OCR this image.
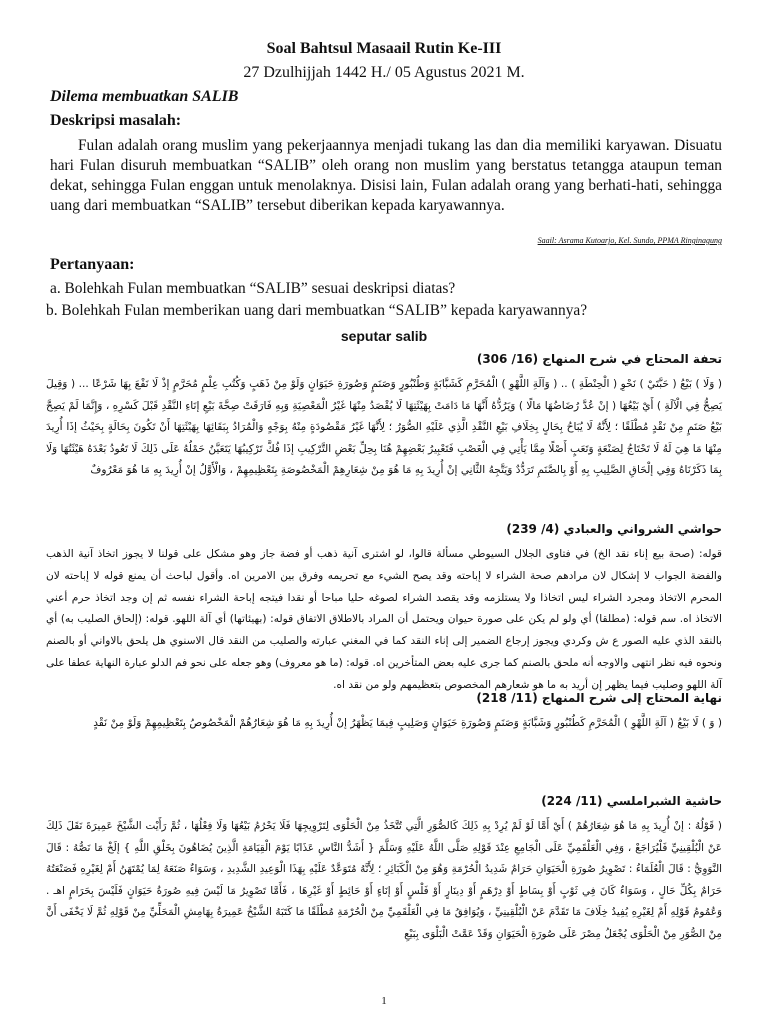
Soal Bahtsul Masaail Rutin Ke-III
27 Dzulhijjah 1442 H./ 05 Agustus 2021 M.
Dilema membuatkan SALIB
Deskripsi masalah:
Fulan adalah orang muslim yang pekerjaannya menjadi tukang las dan dia memiliki karyawan. Disuatu hari Fulan disuruh membuatkan “SALIB” oleh orang non muslim yang berstatus tetangga ataupun teman dekat, sehingga Fulan enggan untuk menolaknya. Disisi lain, Fulan adalah orang yang berhati-hati, sehingga uang dari membuatkan “SALIB” tersebut diberikan kepada karyawannya.
Saail: Asrama Kutoarjo, Kel. Sundo, PPMA Ringinagung
Pertanyaan:
a. Bolehkah Fulan membuatkan “SALIB” sesuai deskripsi diatas?
b. Bolehkah Fulan memberikan uang dari membuatkan “SALIB” kepada karyawannya?
seputar salib
تحفة المحتاج في شرح المنهاج (16/ 306)
( وَلَا ) بَيْعُ ( حَبَّتَيْ ) نَحْوِ ( الْحِنْطَةِ ) .. ( وَآلَةِ اللَّهْوِ ) الْمُحَرَّمِ كَشَبَّابَةٍ وَطُنْبُورٍ وَصَنَمٍ وَصُورَةِ حَيَوَانٍ وَلَوْ مِنْ ذَهَبٍ وَكُتُبِ عِلْمٍ مُحَرَّمٍ إذْ لَا نَفْعَ بِهَا شَرْعًا ... ( وَقِيلَ يَصِحُّ فِي الْآلَةِ ) أَيْ بَيْعُهَا ( إنْ عُدَّ رُضَاضُهَا مَالًا ) وَيَرُدُّهُ أَنَّهَا مَا دَامَتْ بِهَيْئَتِهَا لَا يُقْصَدُ مِنْهَا غَيْرُ الْمَعْصِيَةِ وَبِهِ فَارَقَتْ صِحَّةَ بَيْعِ إنَاءِ النَّقْدِ قَبْلَ كَسْرِهِ ، وَإِنَّمَا لَمْ يَصِحَّ بَيْعُ صَنَمٍ مِنْ نَقْدٍ مُطْلَقًا ؛ لِأَنَّهُ لَا يُبَاحُ بِحَالٍ بِخِلَافِ بَيْعِ النَّقْدِ الَّذِي عَلَيْهِ الصُّوَرُ ؛ لِأَنَّهَا غَيْرُ مَقْصُودَةٍ مِنْهُ بِوَجْهٍ وَالْمُرَادُ بِبَقَائِهَا بِهَيْئَتِهَا أَنْ تَكُونَ بِحَالَةٍ بِحَيْثُ إذَا أُرِيدَ مِنْهَا مَا هِيَ لَهُ لَا تَحْتَاجُ لِصَنْعَةٍ وَتَعَبٍ أَصْلًا مِمَّا يَأْتِي فِي الْغَصْبِ فَتَعْبِيرُ بَعْضِهِمْ هُنَا بِحِلِّ بَعْضِ التَّرْكِيبِ إذَا فُكَّ تَرْكِيبُهَا يَتَعَيَّنُ حَمْلُهُ عَلَى ذَلِكَ لَا تَعُودُ بَعْدَهُ هَيْئَتُهَا وَلَا بِمَا ذَكَرْنَاهُ وَفِي إلْحَاقِ الصَّلِيبِ بِهِ أَوْ بِالصَّنَمِ تَرَدُّدٌ وَيَتَّجِهُ الثَّانِي إنْ أُرِيدَ بِهِ مَا هُوَ مِنْ شِعَارِهِمْ الْمَخْصُوصَةِ بِتَعْظِيمِهِمْ ، وَالْأَوَّلُ إنْ أُرِيدَ بِهِ مَا هُوَ مَعْرُوفٌ
حواشي الشرواني والعبادي (4/ 239)
قوله: (صحة بيع إناء نقد الخ) في فتاوى الجلال السيوطي مسألة قالوا، لو اشترى آنية ذهب أو فضة جاز وهو مشكل على قولنا لا يجوز اتخاذ آنية الذهب والفضة الجواب لا إشكال لان مرادهم صحة الشراء لا إباحته وقد يصح الشيء مع تحريمه وفرق بين الامرين اه. وأقول لباحث أن يمنع قوله لا إباحته لان المحرم الاتخاذ ومجرد الشراء ليس اتخاذا ولا يستلزمه وقد يقصد الشراء لصوغه حليا مباحا أو نقدا فيتجه إباحة الشراء نفسه ثم إن وجد اتخاذ حرم أعني الاتخاذ اه. سم قوله: (مطلقا) أي ولو لم يكن على صورة حيوان ويحتمل أن المراد بالاطلاق الاتفاق قوله: (بهيئاتها) أي آلة اللهو. قوله: (إلحاق الصليب به) أي بالنقد الذي عليه الصور ع ش وكردي ويجوز إرجاع الضمير إلى إناء النقد كما في المغني عبارته والصليب من النقد قال الاسنوي هل يلحق بالاواني أو بالصنم ونحوه فيه نظر انتهى والاوجه أنه ملحق بالصنم كما جرى عليه بعض المتأخرين اه. قوله: (ما هو معروف) وهو جعله على نحو فم الدلو عبارة النهاية عطفا على آلة اللهو وصليب فيما يظهر إن أريد به ما هو شعارهم المخصوص بتعظيمهم ولو من نقد اه.
نهاية المحتاج إلى شرح المنهاج (11/ 218)
( وَ ) لَا بَيْعُ ( آلَةِ اللَّهْوِ ) الْمُحَرَّمِ كَطُنْبُورٍ وَشَبَّابَةٍ وَصَنَمٍ وَصُورَةِ حَيَوَانٍ وَصَلِيبٍ فِيمَا يَظْهَرُ إنْ أُرِيدَ بِهِ مَا هُوَ شِعَارُهُمْ الْمَخْصُوصُ بِتَعْظِيمِهِمْ وَلَوْ مِنْ نَقْدٍ
حاشية الشبراملسي (11/ 224)
( قَوْلُهُ : إنْ أُرِيدَ بِهِ مَا هُوَ شِعَارُهُمْ ) أَيْ أَمَّا لَوْ لَمْ يُرِدْ بِهِ ذَلِكَ كَالصُّوَرِ الَّتِي تُتَّخَذُ مِنْ الْحَلْوَى لِتَرْوِيجِهَا فَلَا يَحْرُمُ بَيْعُهَا وَلَا فِعْلُهَا ، ثُمَّ رَأَيْت الشَّيْخَ عَمِيرَةَ نَقَلَ ذَلِكَ عَنْ الْبُلْقِينِيِّ فَلْيُرَاجَعْ ، وَفِي الْعَلْقَمِيِّ عَلَى الْجَامِعِ عِنْدَ قَوْلِهِ صَلَّى اللَّهُ عَلَيْهِ وَسَلَّمَ { أَشَدُّ النَّاسِ عَذَابًا يَوْمَ الْقِيَامَةِ الَّذِينَ يُضَاهُونَ بِخَلْقِ اللَّهِ } إلَخْ مَا نَصُّهُ : قَالَ النَّوَوِيُّ : قَالَ الْعُلَمَاءُ : تَصْوِيرُ صُورَةِ الْحَيَوَانِ حَرَامٌ شَدِيدُ الْحُرْمَةِ وَهُوَ مِنْ الْكَبَائِرِ ؛ لِأَنَّهُ مُتَوَعَّدٌ عَلَيْهِ بِهَذَا الْوَعِيدِ الشَّدِيدِ ، وَسَوَاءٌ صَنَعَهُ لِمَا يُمْتَهَنُ أَمْ لِغَيْرِهِ فَصَنْعَتُهُ حَرَامٌ بِكُلِّ حَالٍ ، وَسَوَاءٌ كَانَ فِي ثَوْبٍ أَوْ بِسَاطٍ أَوْ دِرْهَمٍ أَوْ دِينَارٍ أَوْ فَلْسٍ أَوْ إنَاءٍ أَوْ حَائِطٍ أَوْ غَيْرِهَا ، فَأَمَّا تَصْوِيرُ مَا لَيْسَ فِيهِ صُورَةُ حَيَوَانٍ فَلَيْسَ بِحَرَامٍ اهـ . وَعُمُومُ قَوْلِهِ أَمْ لِغَيْرِهِ يُفِيدُ خِلَافَ مَا تَقَدَّمَ عَنْ الْبُلْقِينِيِّ ، وَيُوَافِقُ مَا فِي الْعَلْقَمِيِّ مِنْ الْحُرْمَةِ مُطْلَقًا مَا كَتَبَهُ الشَّيْخُ عَمِيرَةُ بِهَامِشِ الْمَحَلِّيِّ مِنْ قَوْلِهِ ثُمَّ لَا يَخْفَى أَنَّ مِنْ الصُّوَرِ مِنْ الْحَلْوَى يُجْعَلُ مِصْرَ عَلَى صُورَةِ الْحَيَوَانِ وَقَدْ عَمَّتْ الْبَلْوَى بِبَيْعِ
1
